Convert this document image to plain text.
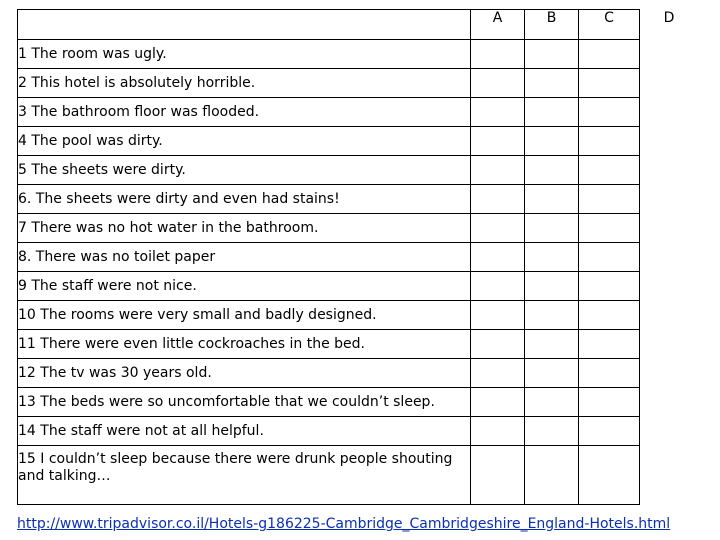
	A	B	C	D

1 The room was ugly.				
2 This hotel is absolutely horrible.				
3 The bathroom floor was flooded.				
4 The pool was dirty.				
5 The sheets were dirty.				
6. The sheets were dirty and even had stains!				
7 There was no hot water in the bathroom.				
8. There was no toilet paper				
9 The staff were not nice.				
10 The rooms were very small and badly designed.				
11 There were even little cockroaches in the bed.				
12 The tv was 30 years old.				
13 The beds were so uncomfortable that we couldn’t sleep.				
14 The staff were not at all helpful.				
15 I couldn’t sleep because there were drunk people shouting and talking…				
http://www.tripadvisor.co.il/Hotels-g186225-Cambridge_Cambridgeshire_England-Hotels.html
